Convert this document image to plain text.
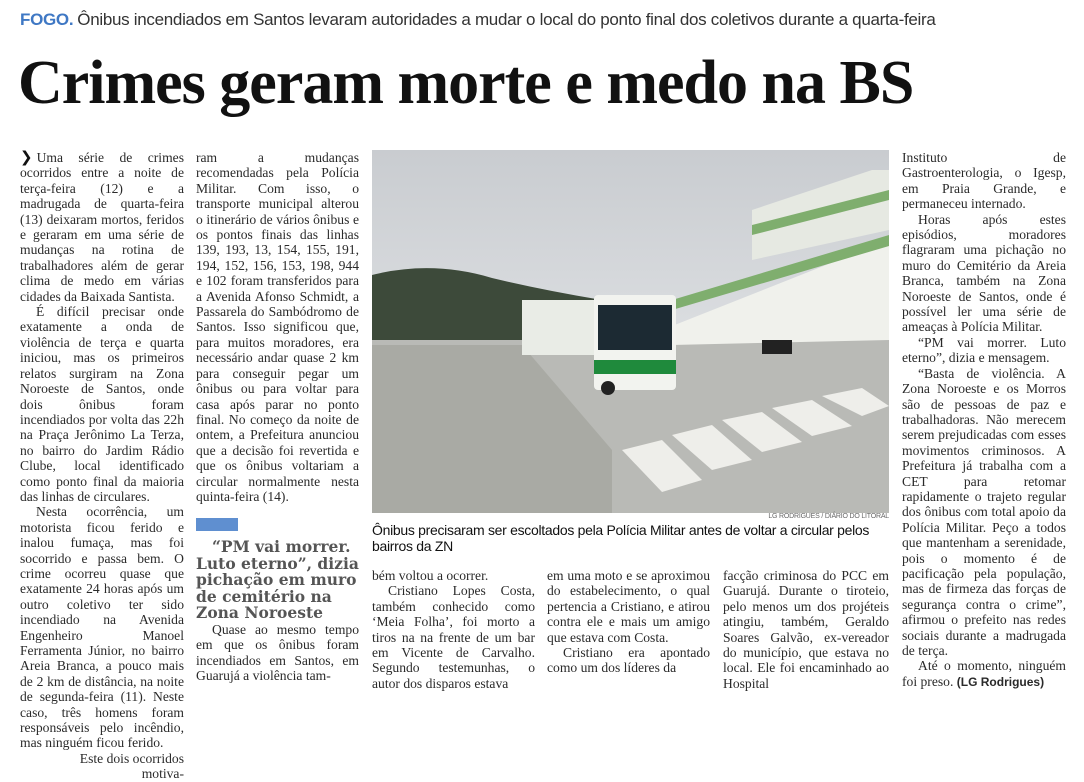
FOGO. Ônibus incendiados em Santos levaram autoridades a mudar o local do ponto final dos coletivos durante a quarta-feira
Crimes geram morte e medo na BS

❯ Uma série de crimes ocorridos entre a noite de terça-feira (12) e a madrugada de quarta-feira (13) deixaram mortos, feridos e geraram em uma série de mudanças na rotina de trabalhadores além de gerar clima de medo em várias cidades da Baixada Santista.

É difícil precisar onde exatamente a onda de violência de terça e quarta iniciou, mas os primeiros relatos surgiram na Zona Noroeste de Santos, onde dois ônibus foram incendiados por volta das 22h na Praça Jerônimo La Terza, no bairro do Jardim Rádio Clube, local identificado como ponto final da maioria das linhas de circulares.

Nesta ocorrência, um motorista ficou ferido e inalou fumaça, mas foi socorrido e passa bem. O crime ocorreu quase que exatamente 24 horas após um outro coletivo ter sido incendiado na Avenida Engenheiro Manoel Ferramenta Júnior, no bairro Areia Branca, a pouco mais de 2 km de distância, na noite de segunda-feira (11). Neste caso, três homens foram responsáveis pelo incêndio, mas ninguém ficou ferido.

Este dois ocorridos motiva-

ram a mudanças recomendadas pela Polícia Militar. Com isso, o transporte municipal alterou o itinerário de vários ônibus e os pontos finais das linhas 139, 193, 13, 154, 155, 191, 194, 152, 156, 153, 198, 944 e 102 foram transferidos para a Avenida Afonso Schmidt, a Passarela do Sambódromo de Santos. Isso significou que, para muitos moradores, era necessário andar quase 2 km para conseguir pegar um ônibus ou para voltar para casa após parar no ponto final. No começo da noite de ontem, a Prefeitura anunciou que a decisão foi revertida e que os ônibus voltariam a circular normalmente nesta quinta-feira (14).

“PM vai morrer. Luto eterno”, dizia pichação em muro de cemitério na Zona Noroeste

Quase ao mesmo tempo em que os ônibus foram incendiados em Santos, em Guarujá a violência tam-

LG RODRIGUES / DIÁRIO DO LITORAL
Ônibus precisaram ser escoltados pela Polícia Militar antes de voltar a circular pelos bairros da ZN

bém voltou a ocorrer.

Cristiano Lopes Costa, também conhecido como ‘Meia Folha’, foi morto a tiros na na frente de um bar em Vicente de Carvalho. Segundo testemunhas, o autor dos disparos estava

em uma moto e se aproximou do estabelecimento, o qual pertencia a Cristiano, e atirou contra ele e mais um amigo que estava com Costa.

Cristiano era apontado como um dos líderes da

facção criminosa do PCC em Guarujá. Durante o tiroteio, pelo menos um dos projéteis atingiu, também, Geraldo Soares Galvão, ex-vereador do município, que estava no local. Ele foi encaminhado ao Hospital

Instituto de Gastroenterologia, o Igesp, em Praia Grande, e permaneceu internado.

Horas após estes episódios, moradores flagraram uma pichação no muro do Cemitério da Areia Branca, também na Zona Noroeste de Santos, onde é possível ler uma série de ameaças à Polícia Militar.

“PM vai morrer. Luto eterno”, dizia e mensagem.

“Basta de violência. A Zona Noroeste e os Morros são de pessoas de paz e trabalhadoras. Não merecem serem prejudicadas com esses movimentos criminosos. A Prefeitura já trabalha com a CET para retomar rapidamente o trajeto regular dos ônibus com total apoio da Polícia Militar. Peço a todos que mantenham a serenidade, pois o momento é de pacificação pela população, mas de firmeza das forças de segurança contra o crime”, afirmou o prefeito nas redes sociais durante a madrugada de terça.

Até o momento, ninguém foi preso. (LG Rodrigues)
